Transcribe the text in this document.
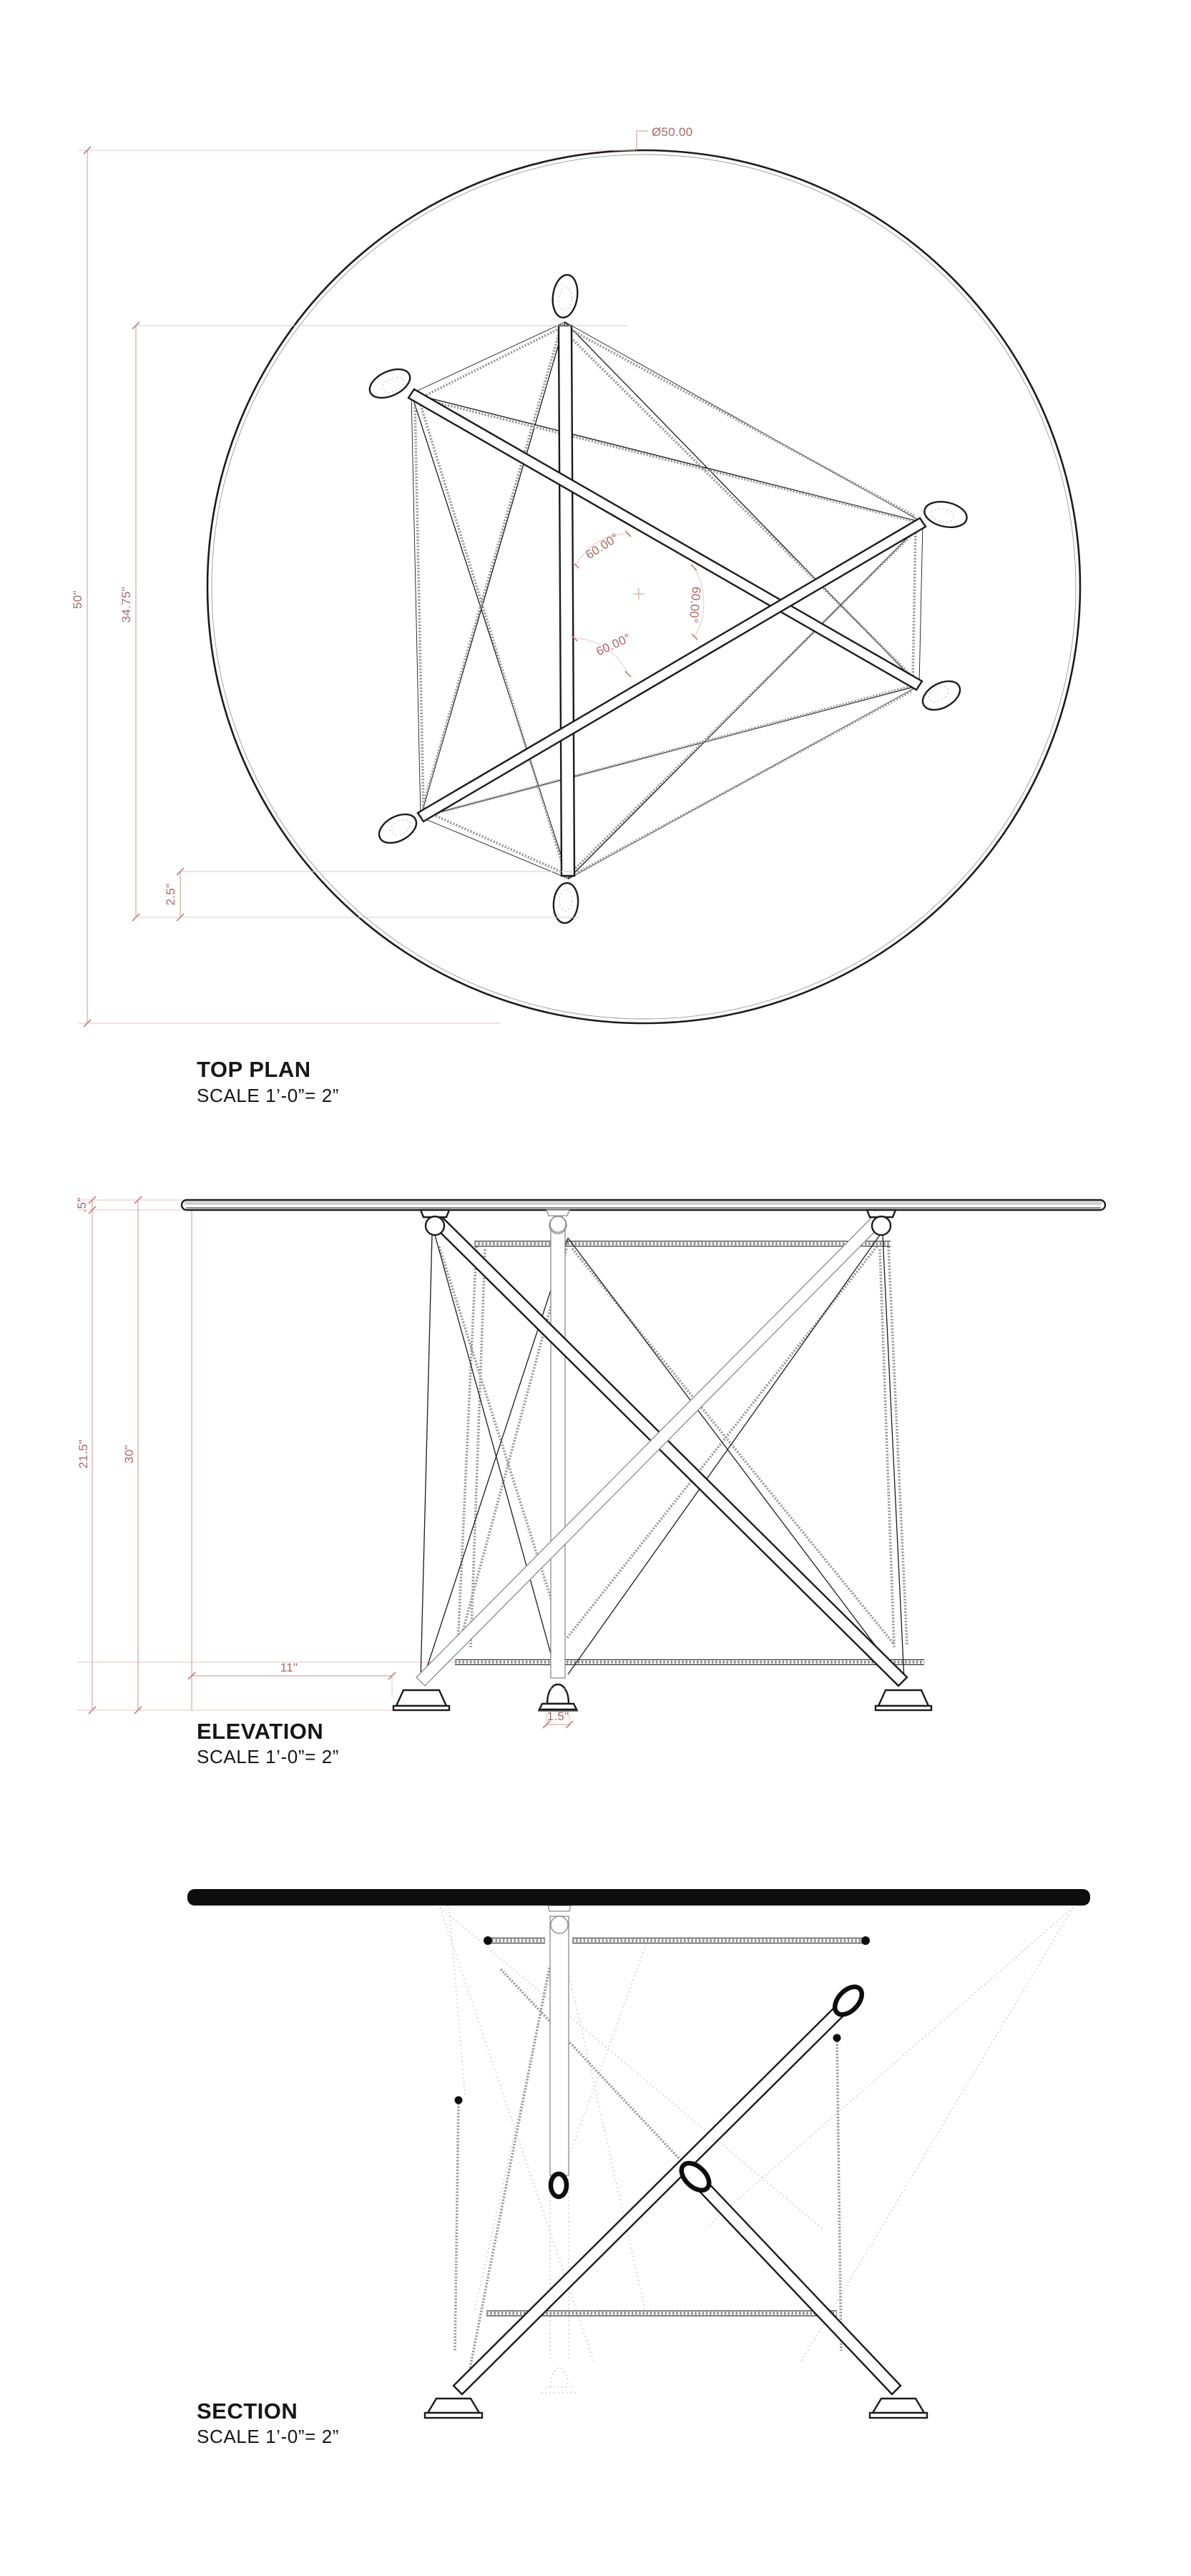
Ø50.00
50"	34.75"
2.5"
60.00°
60.00°
60.00°
TOP PLAN
SCALE 1’-0”= 2”
.5"
21.5"	30"
11"
1.5"
ELEVATION
SCALE 1’-0”= 2”
SECTION
SCALE 1’-0”= 2”
